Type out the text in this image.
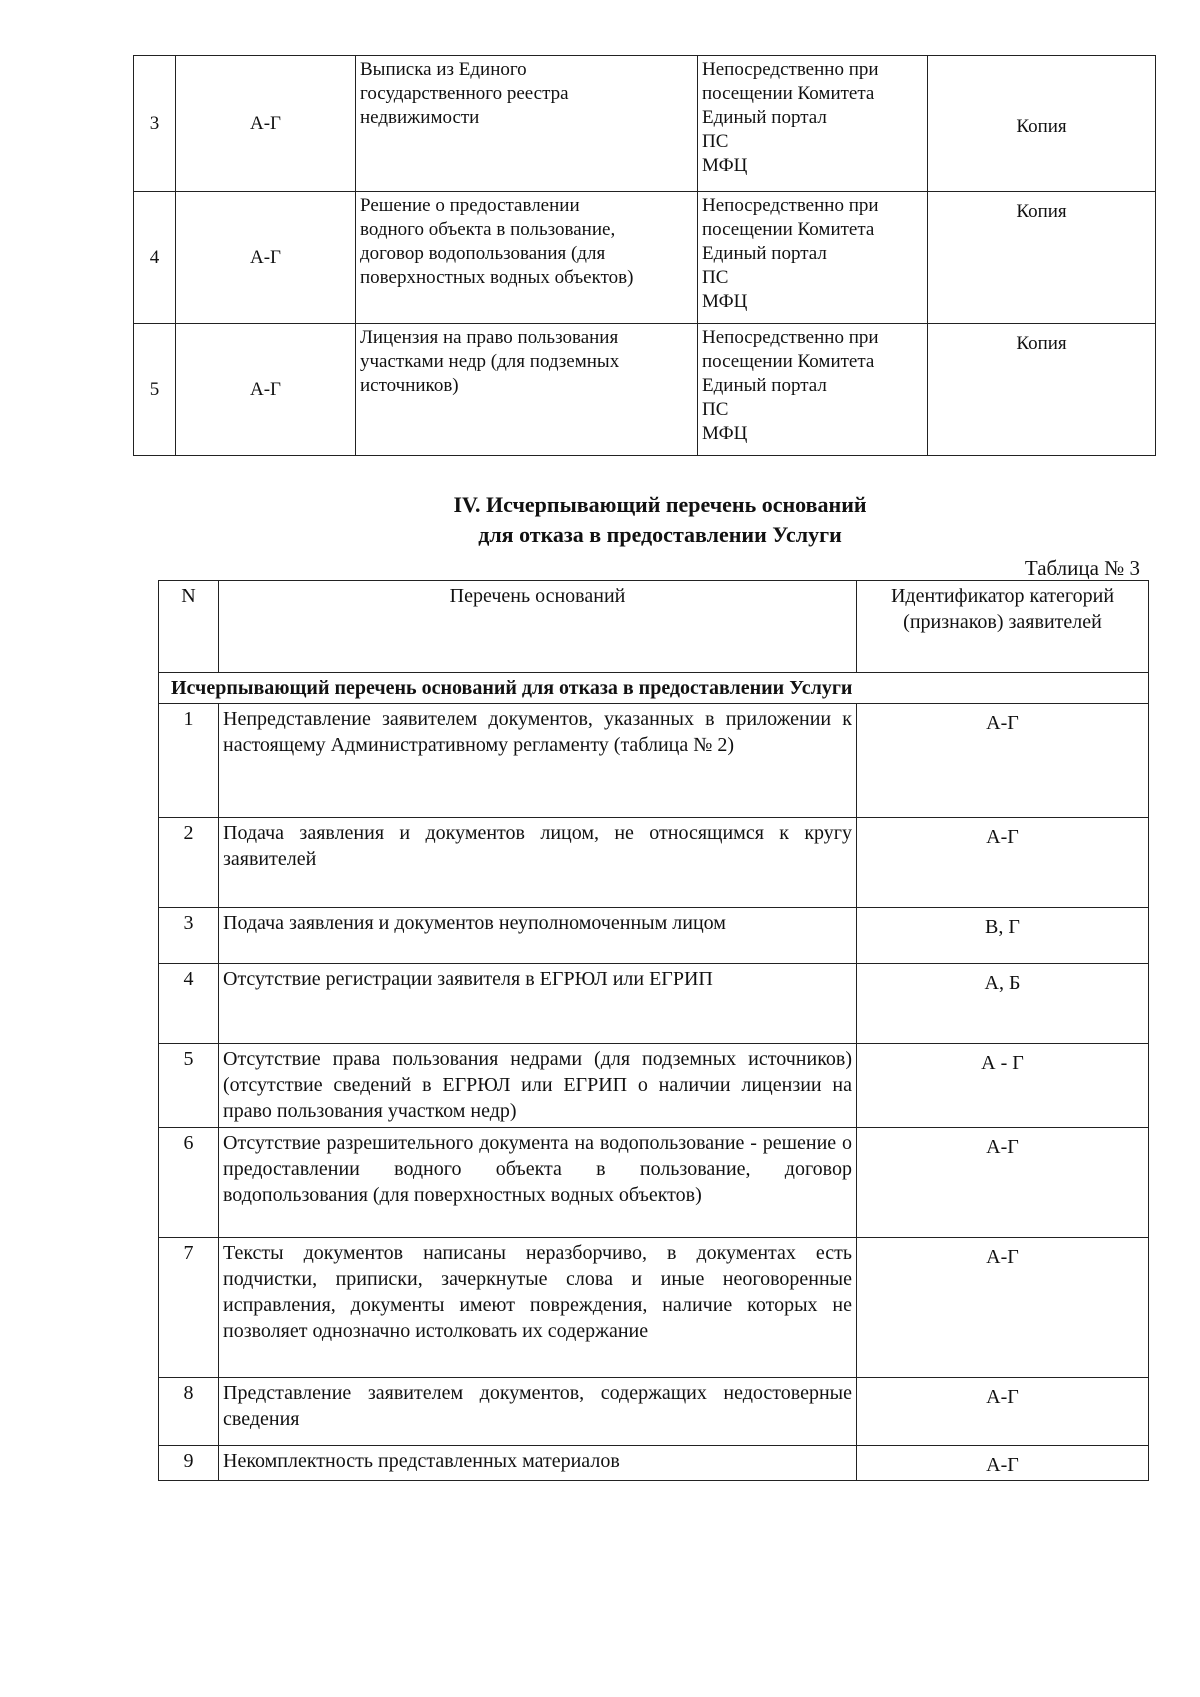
3	А-Г	Выписка из Единого
государственного реестра
недвижимости	Непосредственно при
посещении Комитета
Единый портал
ПС
МФЦ	Копия
4	А-Г	Решение о предоставлении
водного объекта в пользование,
договор водопользования (для
поверхностных водных объектов)	Непосредственно при
посещении Комитета
Единый портал
ПС
МФЦ	Копия
5	А-Г	Лицензия на право пользования
участками недр (для подземных
источников)	Непосредственно при
посещении Комитета
Единый портал
ПС
МФЦ	Копия
IV. Исчерпывающий перечень оснований
для отказа в предоставлении Услуги
Таблица № 3
N	Перечень оснований	Идентификатор категорий (признаков) заявителей
Исчерпывающий перечень оснований для отказа в предоставлении Услуги		
1	Непредставление заявителем документов, указанных в приложении к настоящему Административному регламенту (таблица № 2)	А-Г
2	Подача заявления и документов лицом, не относящимся к кругу заявителей	А-Г
3	Подача заявления и документов неуполномоченным лицом	В, Г
4	Отсутствие регистрации заявителя в ЕГРЮЛ или ЕГРИП	А, Б
5	Отсутствие права пользования недрами (для подземных источников) (отсутствие сведений в ЕГРЮЛ или ЕГРИП о наличии лицензии на право пользования участком недр)	А - Г
6	Отсутствие разрешительного документа на водопользование - решение о предоставлении водного объекта в пользование, договор водопользования (для поверхностных водных объектов)	А-Г
7	Тексты документов написаны неразборчиво, в документах есть подчистки, приписки, зачеркнутые слова и иные неоговоренные исправления, документы имеют повреждения, наличие которых не позволяет однозначно истолковать их содержание	А-Г
8	Представление заявителем документов, содержащих недостоверные сведения	А-Г
9	Некомплектность представленных материалов	А-Г
